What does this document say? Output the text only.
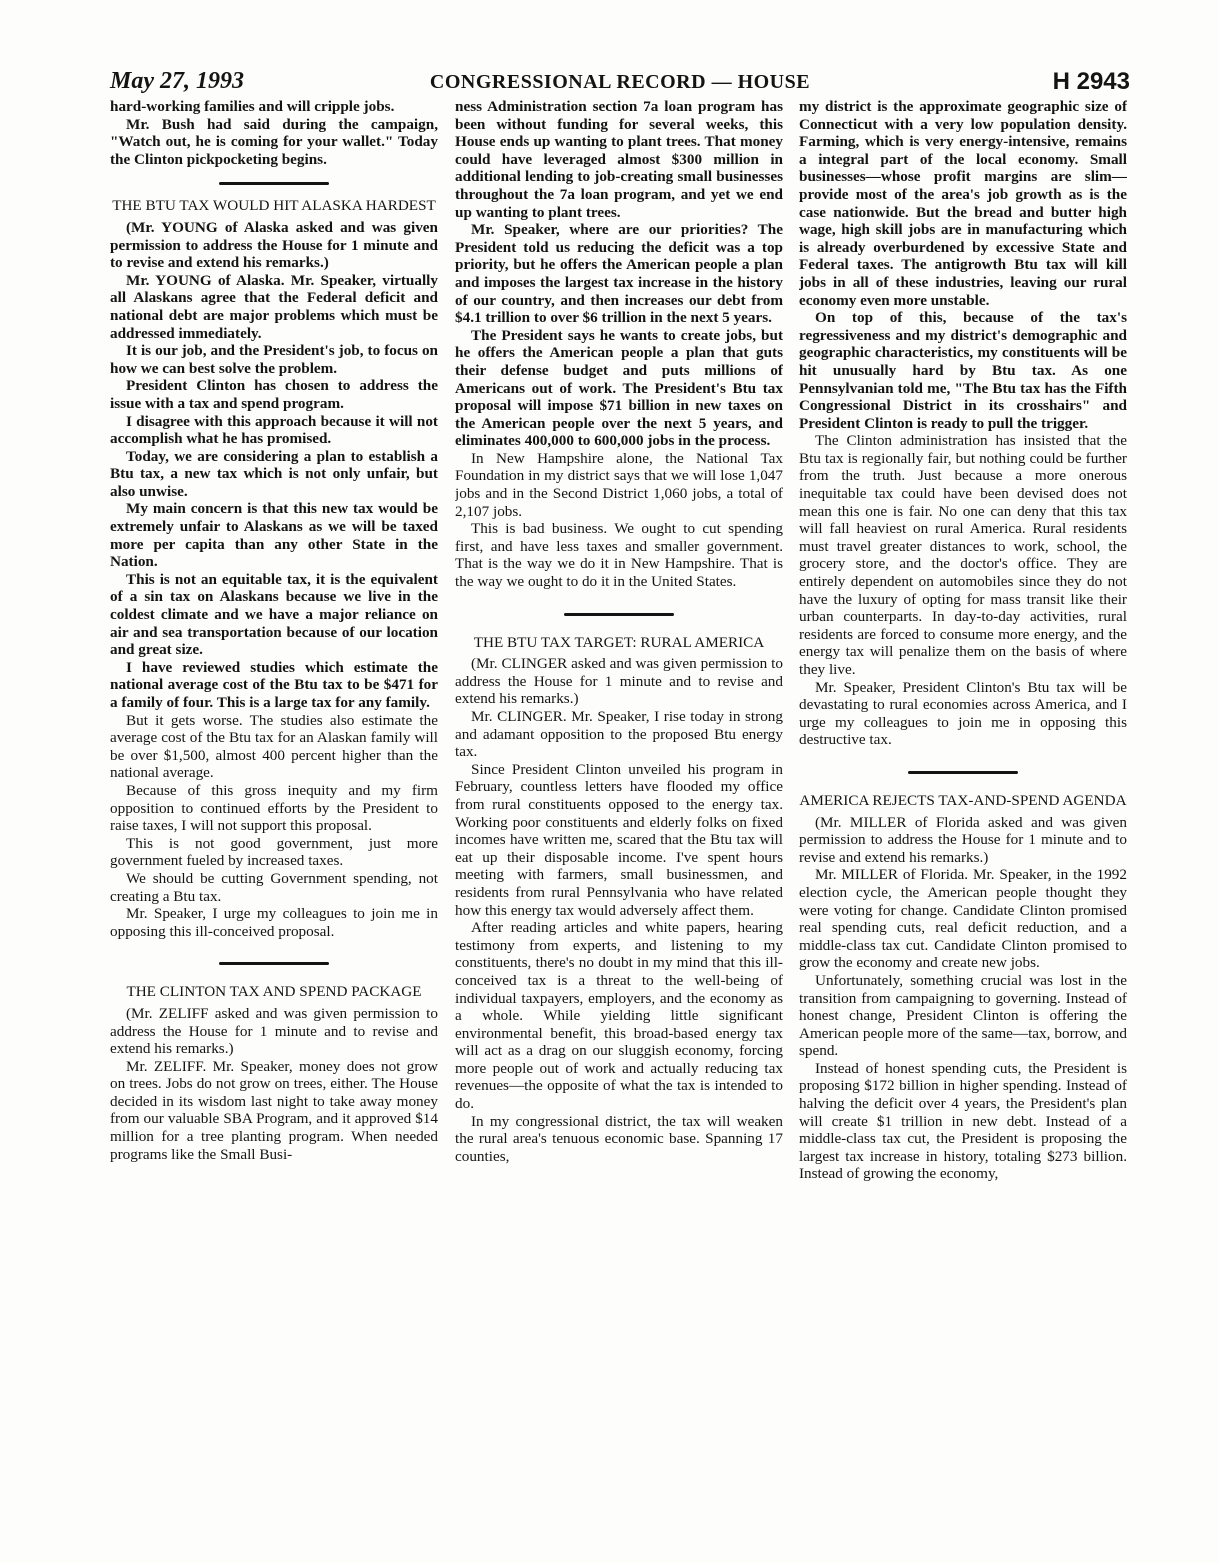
May 27, 1993	CONGRESSIONAL RECORD — HOUSE	H 2943

hard-working families and will cripple jobs.

Mr. Bush had said during the campaign, "Watch out, he is coming for your wallet." Today the Clinton pickpocketing begins.

THE BTU TAX WOULD HIT ALASKA HARDEST

(Mr. YOUNG of Alaska asked and was given permission to address the House for 1 minute and to revise and extend his remarks.)

Mr. YOUNG of Alaska. Mr. Speaker, virtually all Alaskans agree that the Federal deficit and national debt are major problems which must be addressed immediately.

It is our job, and the President's job, to focus on how we can best solve the problem.

President Clinton has chosen to address the issue with a tax and spend program.

I disagree with this approach because it will not accomplish what he has promised.

Today, we are considering a plan to establish a Btu tax, a new tax which is not only unfair, but also unwise.

My main concern is that this new tax would be extremely unfair to Alaskans as we will be taxed more per capita than any other State in the Nation.

This is not an equitable tax, it is the equivalent of a sin tax on Alaskans because we live in the coldest climate and we have a major reliance on air and sea transportation because of our location and great size.

I have reviewed studies which estimate the national average cost of the Btu tax to be $471 for a family of four. This is a large tax for any family.

But it gets worse. The studies also estimate the average cost of the Btu tax for an Alaskan family will be over $1,500, almost 400 percent higher than the national average.

Because of this gross inequity and my firm opposition to continued efforts by the President to raise taxes, I will not support this proposal.

This is not good government, just more government fueled by increased taxes.

We should be cutting Government spending, not creating a Btu tax.

Mr. Speaker, I urge my colleagues to join me in opposing this ill-conceived proposal.

THE CLINTON TAX AND SPEND PACKAGE

(Mr. ZELIFF asked and was given permission to address the House for 1 minute and to revise and extend his remarks.)

Mr. ZELIFF. Mr. Speaker, money does not grow on trees. Jobs do not grow on trees, either. The House decided in its wisdom last night to take away money from our valuable SBA Program, and it approved $14 million for a tree planting program. When needed programs like the Small Busi-

ness Administration section 7a loan program has been without funding for several weeks, this House ends up wanting to plant trees. That money could have leveraged almost $300 million in additional lending to job-creating small businesses throughout the 7a loan program, and yet we end up wanting to plant trees.

Mr. Speaker, where are our priorities? The President told us reducing the deficit was a top priority, but he offers the American people a plan and imposes the largest tax increase in the history of our country, and then increases our debt from $4.1 trillion to over $6 trillion in the next 5 years.

The President says he wants to create jobs, but he offers the American people a plan that guts their defense budget and puts millions of Americans out of work. The President's Btu tax proposal will impose $71 billion in new taxes on the American people over the next 5 years, and eliminates 400,000 to 600,000 jobs in the process.

In New Hampshire alone, the National Tax Foundation in my district says that we will lose 1,047 jobs and in the Second District 1,060 jobs, a total of 2,107 jobs.

This is bad business. We ought to cut spending first, and have less taxes and smaller government. That is the way we do it in New Hampshire. That is the way we ought to do it in the United States.

THE BTU TAX TARGET: RURAL AMERICA

(Mr. CLINGER asked and was given permission to address the House for 1 minute and to revise and extend his remarks.)

Mr. CLINGER. Mr. Speaker, I rise today in strong and adamant opposition to the proposed Btu energy tax.

Since President Clinton unveiled his program in February, countless letters have flooded my office from rural constituents opposed to the energy tax. Working poor constituents and elderly folks on fixed incomes have written me, scared that the Btu tax will eat up their disposable income. I've spent hours meeting with farmers, small businessmen, and residents from rural Pennsylvania who have related how this energy tax would adversely affect them.

After reading articles and white papers, hearing testimony from experts, and listening to my constituents, there's no doubt in my mind that this ill-conceived tax is a threat to the well-being of individual taxpayers, employers, and the economy as a whole. While yielding little significant environmental benefit, this broad-based energy tax will act as a drag on our sluggish economy, forcing more people out of work and actually reducing tax revenues—the opposite of what the tax is intended to do.

In my congressional district, the tax will weaken the rural area's tenuous economic base. Spanning 17 counties,

my district is the approximate geographic size of Connecticut with a very low population density. Farming, which is very energy-intensive, remains a integral part of the local economy. Small businesses—whose profit margins are slim—provide most of the area's job growth as is the case nationwide. But the bread and butter high wage, high skill jobs are in manufacturing which is already overburdened by excessive State and Federal taxes. The antigrowth Btu tax will kill jobs in all of these industries, leaving our rural economy even more unstable.

On top of this, because of the tax's regressiveness and my district's demographic and geographic characteristics, my constituents will be hit unusually hard by Btu tax. As one Pennsylvanian told me, "The Btu tax has the Fifth Congressional District in its crosshairs" and President Clinton is ready to pull the trigger.

The Clinton administration has insisted that the Btu tax is regionally fair, but nothing could be further from the truth. Just because a more onerous inequitable tax could have been devised does not mean this one is fair. No one can deny that this tax will fall heaviest on rural America. Rural residents must travel greater distances to work, school, the grocery store, and the doctor's office. They are entirely dependent on automobiles since they do not have the luxury of opting for mass transit like their urban counterparts. In day-to-day activities, rural residents are forced to consume more energy, and the energy tax will penalize them on the basis of where they live.

Mr. Speaker, President Clinton's Btu tax will be devastating to rural economies across America, and I urge my colleagues to join me in opposing this destructive tax.

AMERICA REJECTS TAX-AND-SPEND AGENDA

(Mr. MILLER of Florida asked and was given permission to address the House for 1 minute and to revise and extend his remarks.)

Mr. MILLER of Florida. Mr. Speaker, in the 1992 election cycle, the American people thought they were voting for change. Candidate Clinton promised real spending cuts, real deficit reduction, and a middle-class tax cut. Candidate Clinton promised to grow the economy and create new jobs.

Unfortunately, something crucial was lost in the transition from campaigning to governing. Instead of honest change, President Clinton is offering the American people more of the same—tax, borrow, and spend.

Instead of honest spending cuts, the President is proposing $172 billion in higher spending. Instead of halving the deficit over 4 years, the President's plan will create $1 trillion in new debt. Instead of a middle-class tax cut, the President is proposing the largest tax increase in history, totaling $273 billion. Instead of growing the economy,
